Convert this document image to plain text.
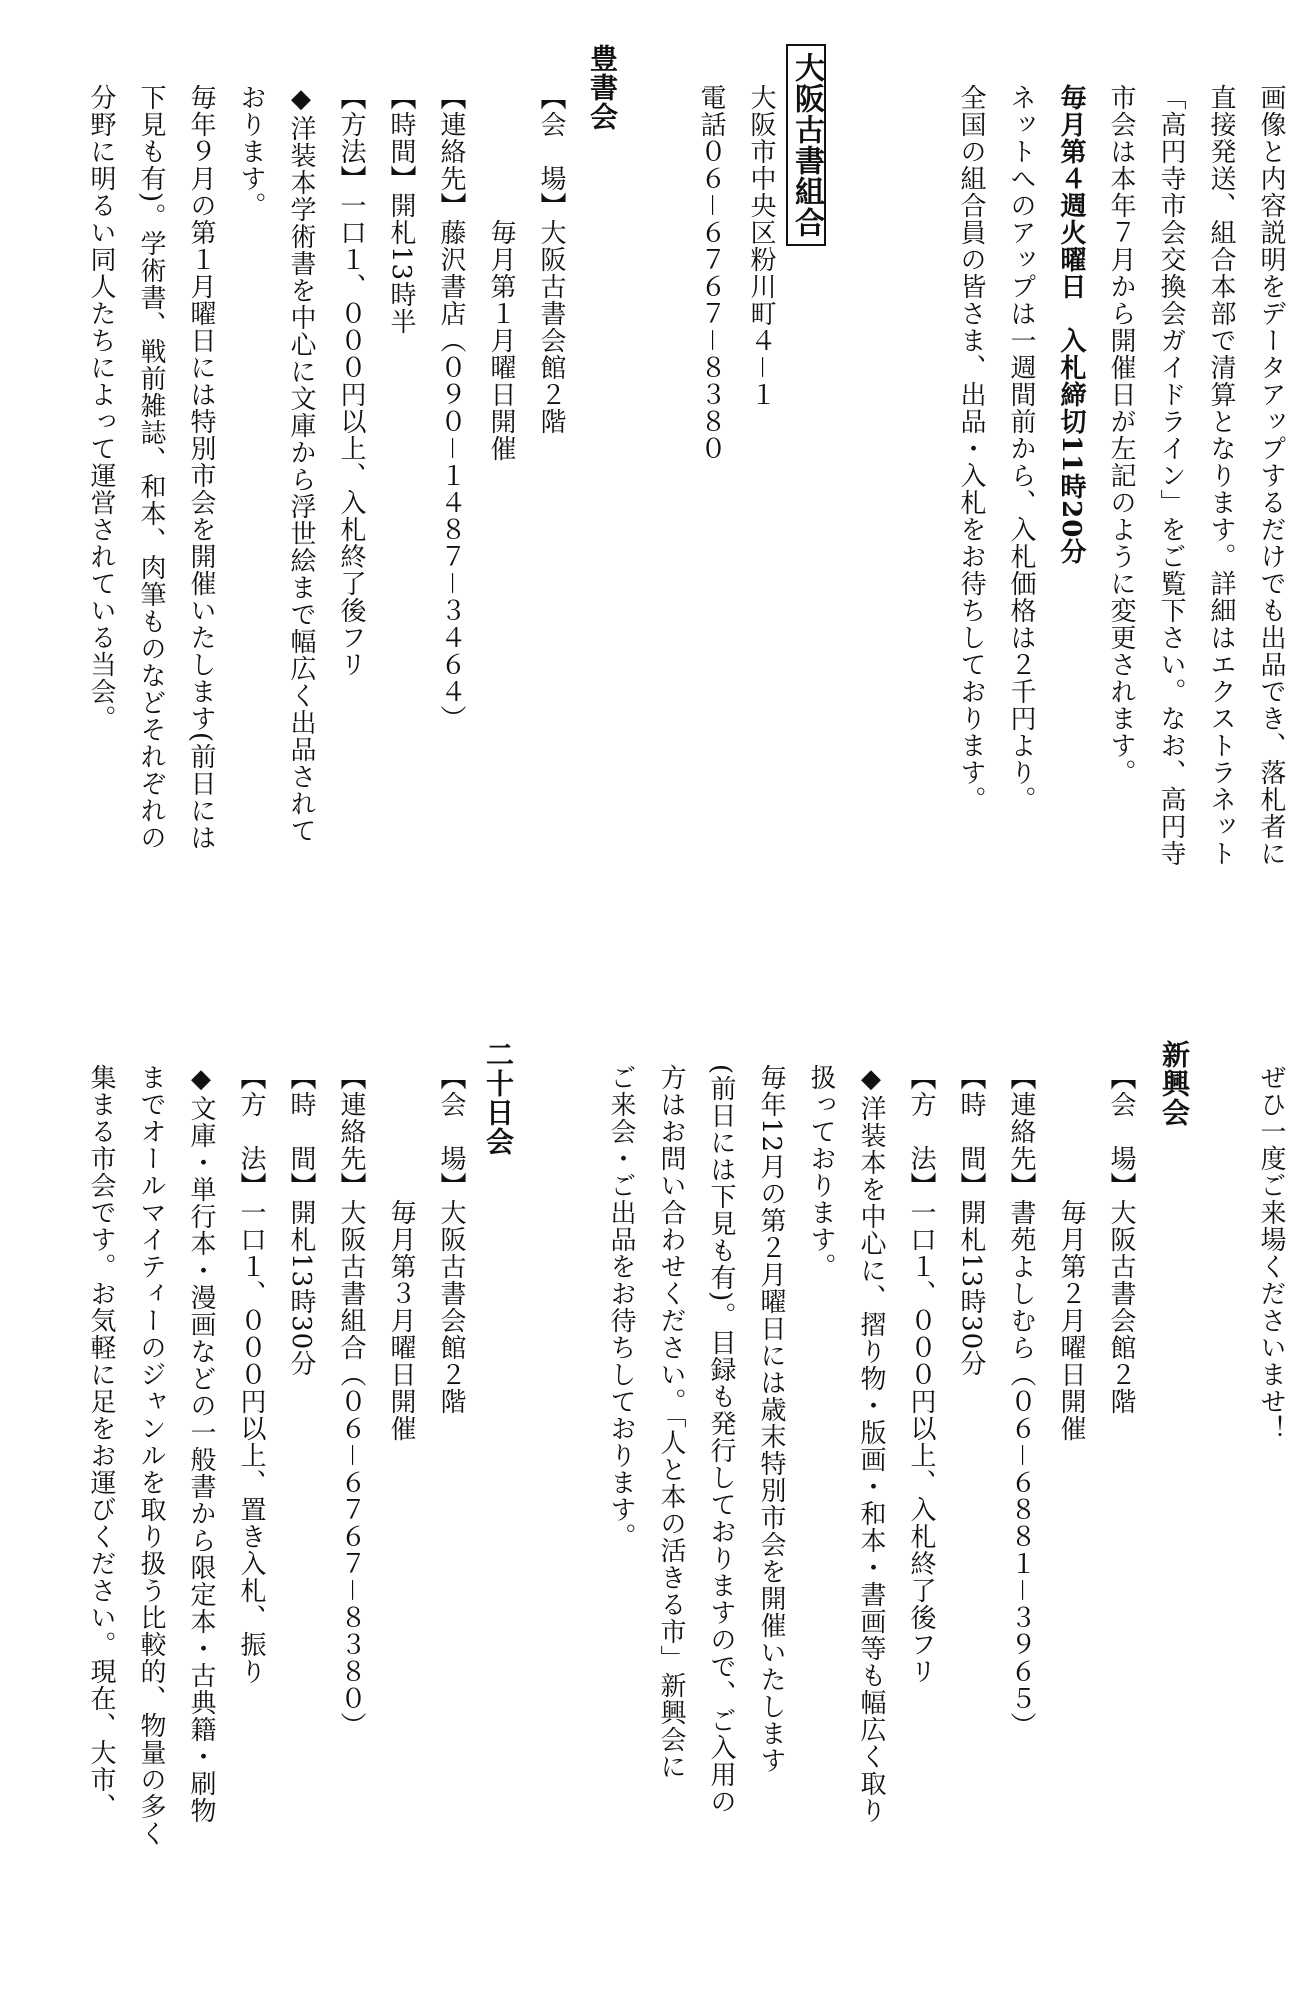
画像と内容説明をデータアップするだけでも出品でき、落札者に
直接発送、組合本部で清算となります。詳細はエクストラネット
「高円寺市会交換会ガイドライン」をご覧下さい。なお、高円寺
市会は本年７月から開催日が左記のように変更されます。
毎月第４週火曜日　入札締切11時20分
ネットへのアップは一週間前から、入札価格は２千円より。
全国の組合員の皆さま、出品・入札をお待ちしております。
大阪古書組合
大阪市中央区粉川町４－１
電話０６－６７６７－８３８０
豊書会
【会　場】大阪古書会館２階
　　　　　毎月第１月曜日開催
【連絡先】藤沢書店（０９０－１４８７－３４６４）
【時間】開札13時半
【方法】一口１、０００円以上、入札終了後フリ
◆洋装本学術書を中心に文庫から浮世絵まで幅広く出品されて
おります。
毎年９月の第１月曜日には特別市会を開催いたします(前日には
下見も有)。学術書、戦前雑誌、和本、肉筆ものなどそれぞれの
分野に明るい同人たちによって運営されている当会。
ぜひ一度ご来場くださいませ！
新興会
【会　場】大阪古書会館２階
　　　　　毎月第２月曜日開催
【連絡先】書苑よしむら（０６－６８８１－３９６５）
【時　間】開札13時30分
【方　法】一口１、０００円以上、入札終了後フリ
◆洋装本を中心に、摺り物・版画・和本・書画等も幅広く取り
扱っております。
毎年12月の第２月曜日には歳末特別市会を開催いたします
(前日には下見も有)。目録も発行しておりますので、ご入用の
方はお問い合わせください。「人と本の活きる市」新興会に
ご来会・ご出品をお待ちしております。
二十日会
【会　場】大阪古書会館２階
　　　　　毎月第３月曜日開催
【連絡先】大阪古書組合（０６－６７６７－８３８０）
【時　間】開札13時30分
【方　法】一口１、０００円以上、置き入札、振り
◆文庫・単行本・漫画などの一般書から限定本・古典籍・刷物
までオールマイティーのジャンルを取り扱う比較的、物量の多く
集まる市会です。お気軽に足をお運びください。現在、大市、
